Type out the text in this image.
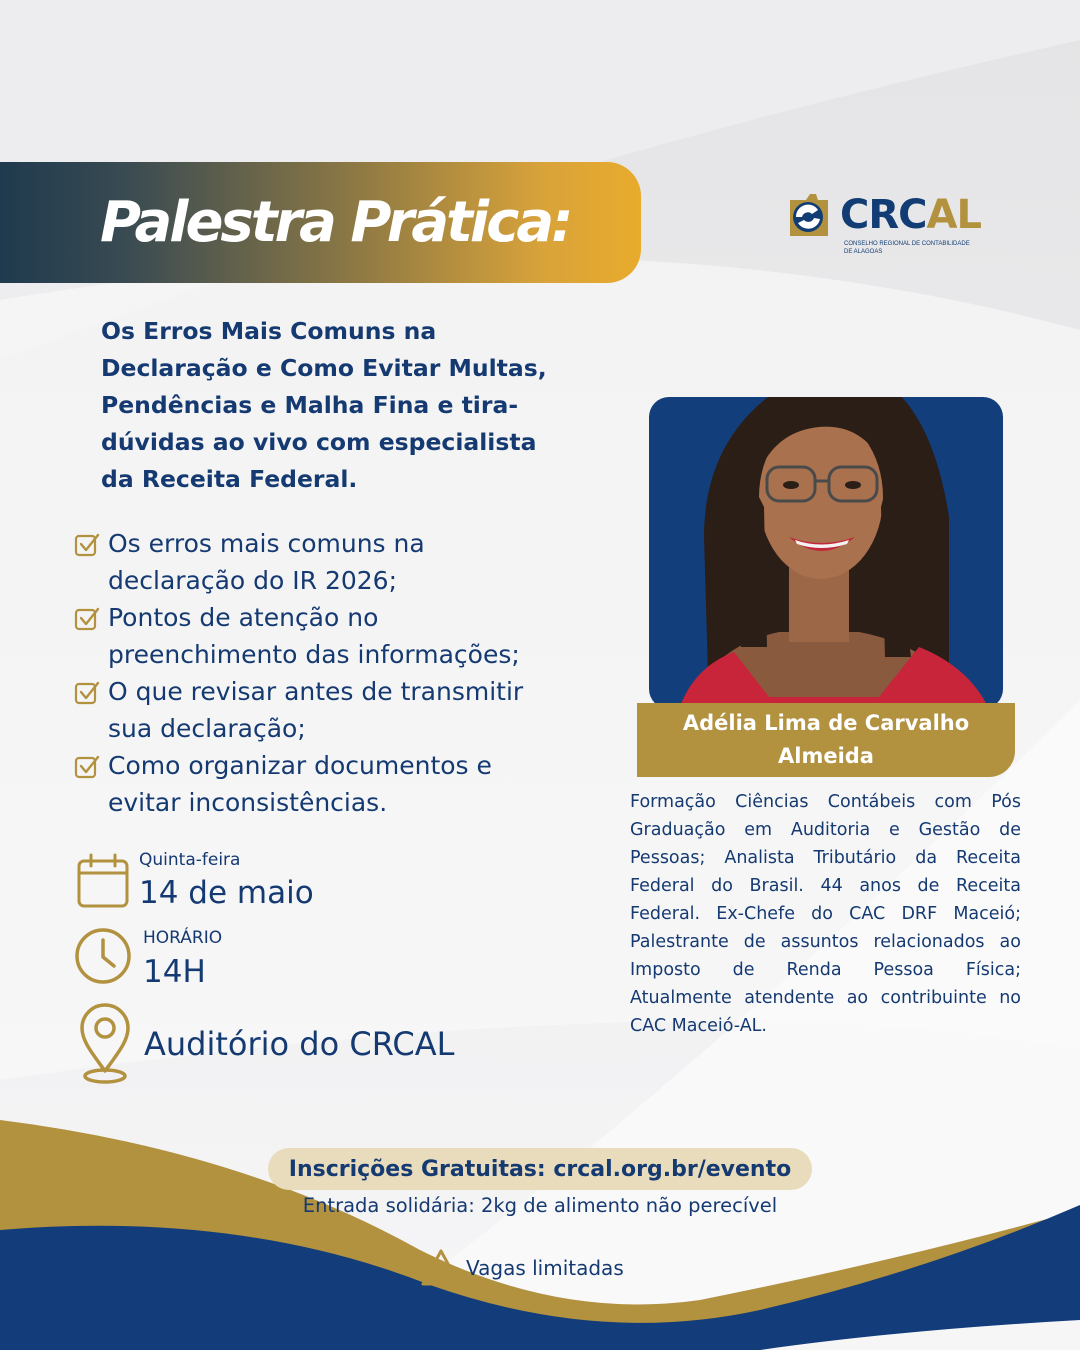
Palestra Prática:	CRCAL
CONSELHO REGIONAL DE CONTABILIDADE
DE ALAGOAS
Os Erros Mais Comuns na
Declaração e Como Evitar Multas,
Pendências e Malha Fina e tira-
dúvidas ao vivo com especialista
da Receita Federal.
Os erros mais comuns na
declaração do IR 2026;
Pontos de atenção no
preenchimento das informações;
O que revisar antes de transmitir
sua declaração;
Como organizar documentos e
evitar inconsistências.
Quinta-feira
14 de maio
HORÁRIO
14H
Auditório do CRCAL
Adélia Lima de Carvalho
Almeida
Formação Ciências Contábeis com Pós Graduação em Auditoria e Gestão de Pessoas; Analista Tributário da Receita Federal do Brasil. 44 anos de Receita Federal. Ex-Chefe do CAC DRF Maceió; Palestrante de assuntos relacionados ao Imposto de Renda Pessoa Física; Atualmente atendente ao contribuinte no CAC Maceió-AL.
Inscrições Gratuitas: crcal.org.br/evento
Entrada solidária: 2kg de alimento não perecível
Vagas limitadas
